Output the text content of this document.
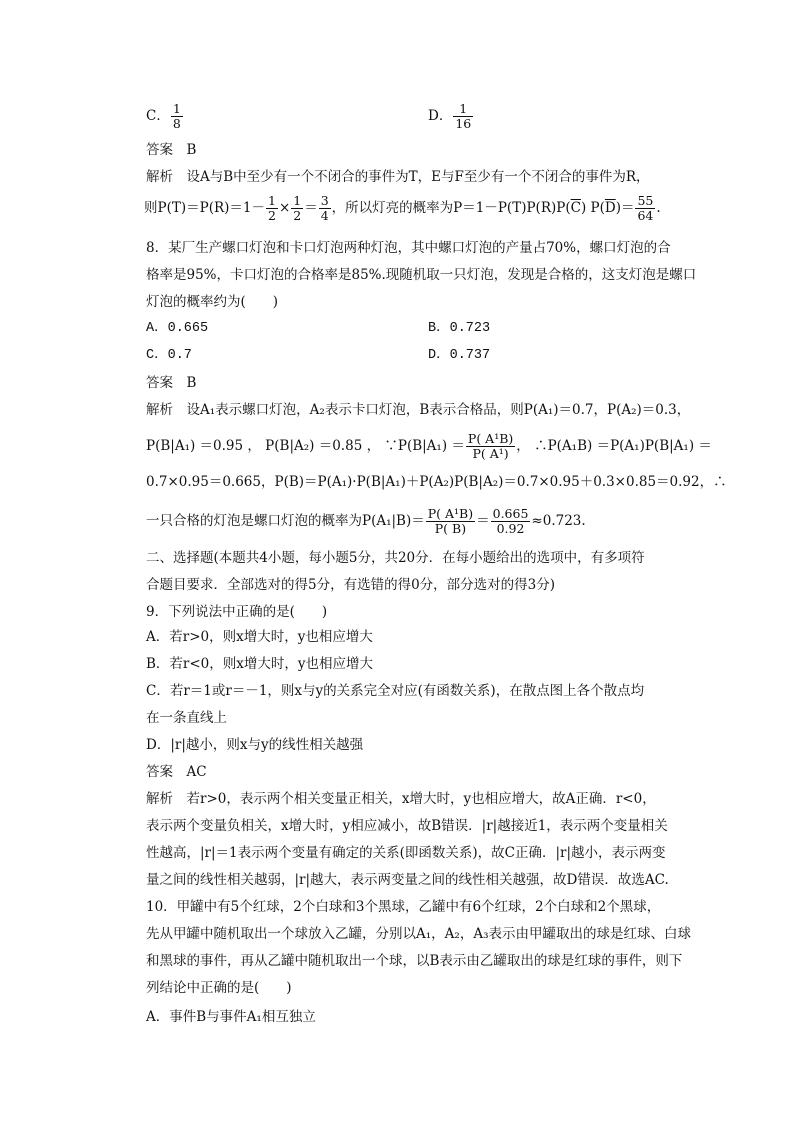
C． $\frac{1}{8}$	D． $\frac{1}{16}$
答案　 B
解析　 设A与B中至少有一个不闭合的事件为T，E与F至少有一个不闭合的事件为R，
则$P(T)=P(R)=1- \frac{1}{2} \times \frac{1}{2} = \frac{3}{4}$ ，所以灯亮的概率为$P=1-P(T)P(R)P(\overline{C})$ $P(\overline{D})= \frac{55}{64}$ .
8．某厂生产螺口灯泡和卡口灯泡两种灯泡，其中螺口灯泡的产量占70%，螺口灯泡的合
格率是95%，卡口灯泡的合格率是85%.现随机取一只灯泡，发现是合格的，这支灯泡是螺口
灯泡的概率约为(　　)
A．0.665	B．0.723
C．0.7	D．0.737
答案　 B
解析　 设A₁表示螺口灯泡，A₂表示卡口灯泡，B表示合格品，则P(A₁)＝0.7，P(A₂)＝0.3，
P(B|A₁) ＝0.95 ， P(B|A₂) ＝0.85 ， ∵P(B|A₁) ＝ $\frac{\text{P( A¹B)}}{\text{P( A¹)}}$ ， ∴P(A₁B) ＝P(A₁)P(B|A₁) ＝
0.7×0.95＝0.665，P(B)＝P(A₁)·P(B|A₁)＋P(A₂)P(B|A₂)＝0.7×0.95＋0.3×0.85＝0.92，∴
一只合格的灯泡是螺口灯泡的概率为$P(A_1|B)= \frac{\text{P( A¹B)}}{P( B)} = \frac{0.665}{0.92} \approx 0.723$.
二、选择题(本题共4小题，每小题5分，共20分．在每小题给出的选项中，有多项符
合题目要求．全部选对的得5分，有选错的得0分，部分选对的得3分)
9．下列说法中正确的是(　　)
A．若r>0，则x增大时，y也相应增大
B．若r<0，则x增大时，y也相应增大
C．若r＝1或r＝－1，则x与y的关系完全对应(有函数关系)，在散点图上各个散点均
在一条直线上
D．|r|越小，则x与y的线性相关越强
答案　 AC
解析　 若r>0，表示两个相关变量正相关，x增大时，y也相应增大，故A正确．r<0，
表示两个变量负相关，x增大时，y相应减小，故B错误．|r|越接近1，表示两个变量相关
性越高，|r|＝1表示两个变量有确定的关系(即函数关系)，故C正确．|r|越小，表示两变
量之间的线性相关越弱，|r|越大，表示两变量之间的线性相关越强，故D错误．故选AC.
10．甲罐中有5个红球，2个白球和3个黑球，乙罐中有6个红球，2个白球和2个黑球，
先从甲罐中随机取出一个球放入乙罐，分别以A₁，A₂，A₃表示由甲罐取出的球是红球、白球
和黑球的事件，再从乙罐中随机取出一个球，以B表示由乙罐取出的球是红球的事件，则下
列结论中正确的是(　　)
A．事件B与事件A₁相互独立
